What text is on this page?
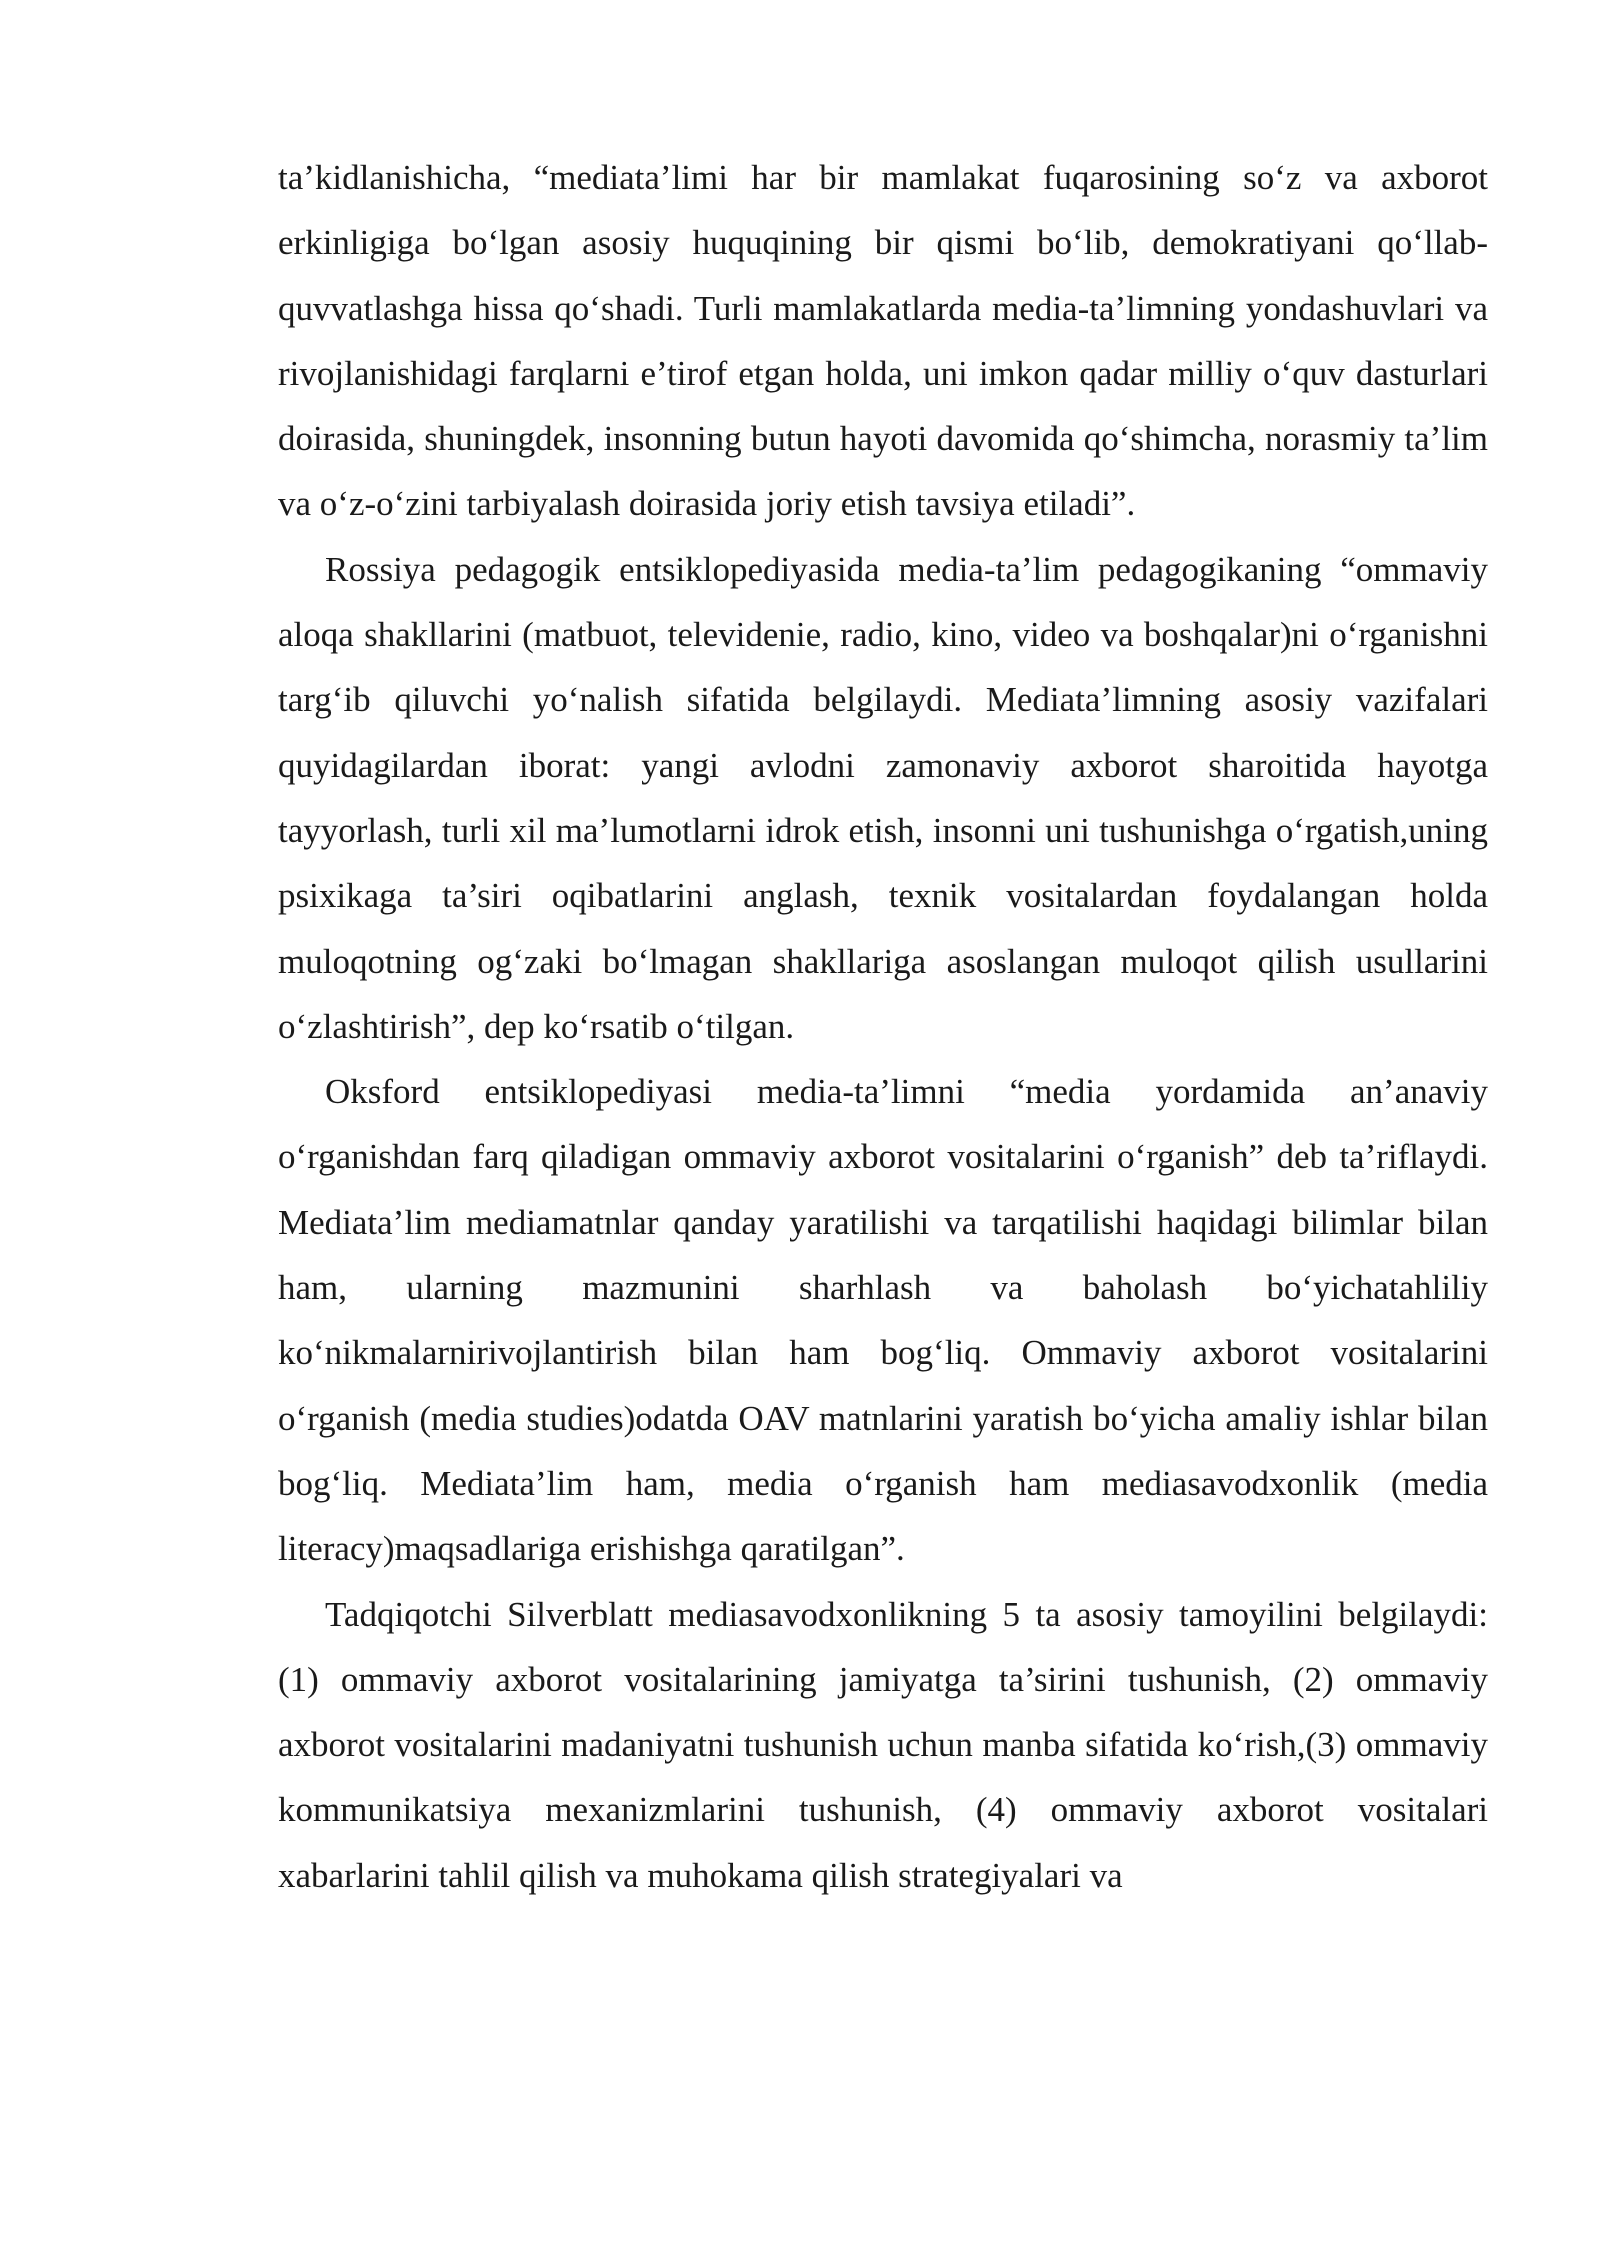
ta’kidlanishicha, “mediata’limi har bir mamlakat fuqarosining so‘z va axborot erkinligiga bo‘lgan asosiy huquqining bir qismi bo‘lib, demokratiyani qo‘llab-quvvatlashga hissa qo‘shadi. Turli mamlakatlarda media-ta’limning yondashuvlari va rivojlanishidagi farqlarni e’tirof etgan holda, uni imkon qadar milliy o‘quv dasturlari doirasida, shuningdek, insonning butun hayoti davomida qo‘shimcha, norasmiy ta’lim va o‘z-o‘zini tarbiyalash doirasida joriy etish tavsiya etiladi”.

Rossiya pedagogik entsiklopediyasida media-ta’lim pedagogikaning “ommaviy aloqa shakllarini (matbuot, televidenie, radio, kino, video va boshqalar)ni o‘rganishni targ‘ib qiluvchi yo‘nalish sifatida belgilaydi. Mediata’limning asosiy vazifalari quyidagilardan iborat: yangi avlodni zamonaviy axborot sharoitida hayotga tayyorlash, turli xil ma’lumotlarni idrok etish, insonni uni tushunishga o‘rgatish,uning psixikaga ta’siri oqibatlarini anglash, texnik vositalardan foydalangan holda muloqotning og‘zaki bo‘lmagan shakllariga asoslangan muloqot qilish usullarini o‘zlashtirish”, dep ko‘rsatib o‘tilgan.

Oksford entsiklopediyasi media-ta’limni “media yordamida an’anaviy o‘rganishdan farq qiladigan ommaviy axborot vositalarini o‘rganish” deb ta’riflaydi. Mediata’lim mediamatnlar qanday yaratilishi va tarqatilishi haqidagi bilimlar bilan ham, ularning mazmunini sharhlash va baholash bo‘yichatahliliy ko‘nikmalarnirivojlantirish bilan ham bog‘liq. Ommaviy axborot vositalarini o‘rganish (media studies)odatda OAV matnlarini yaratish bo‘yicha amaliy ishlar bilan bog‘liq. Mediata’lim ham, media o‘rganish ham mediasavodxonlik (media literacy)maqsadlariga erishishga qaratilgan”.

Tadqiqotchi Silverblatt mediasavodxonlikning 5 ta asosiy tamoyilini belgilaydi: (1) ommaviy axborot vositalarining jamiyatga ta’sirini tushunish, (2) ommaviy axborot vositalarini madaniyatni tushunish uchun manba sifatida ko‘rish,(3) ommaviy kommunikatsiya mexanizmlarini tushunish, (4) ommaviy axborot vositalari xabarlarini tahlil qilish va muhokama qilish strategiyalari va
